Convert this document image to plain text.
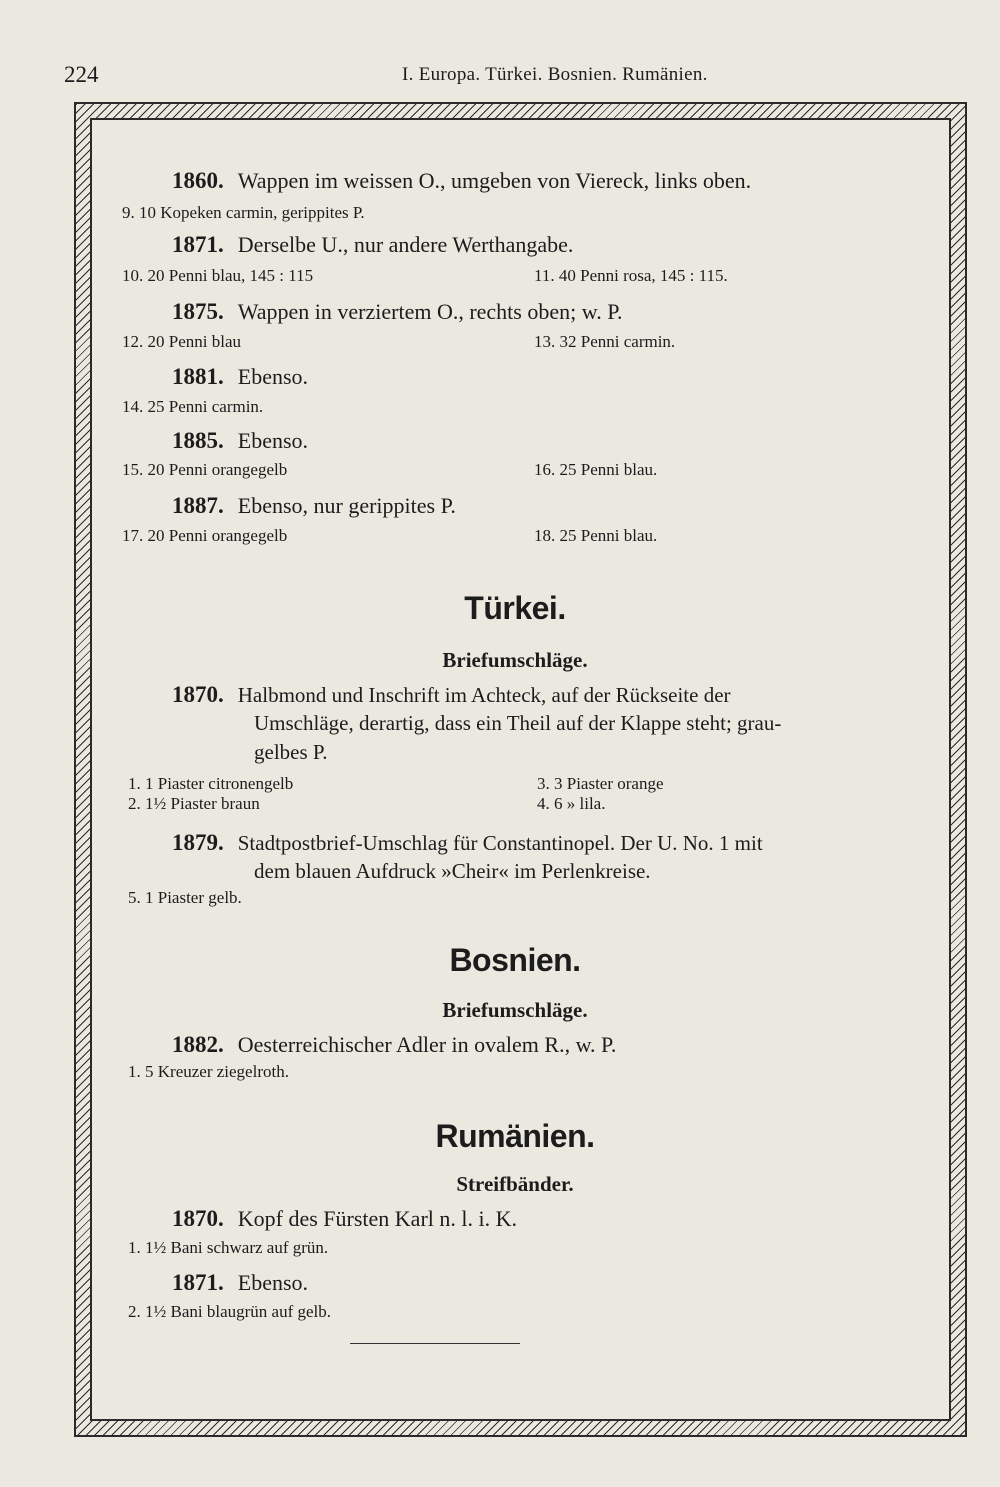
224	I. Europa. Türkei. Bosnien. Rumänien.
1860. Wappen im weissen O., umgeben von Viereck, links oben.
9. 10 Kopeken carmin, gerippites P.
1871. Derselbe U., nur andere Werthangabe.
10. 20 Penni blau, 145 : 115	11. 40 Penni rosa, 145 : 115.
1875. Wappen in verziertem O., rechts oben; w. P.
12. 20 Penni blau	13. 32 Penni carmin.
1881. Ebenso.
14. 25 Penni carmin.
1885. Ebenso.
15. 20 Penni orangegelb	16. 25 Penni blau.
1887. Ebenso, nur gerippites P.
17. 20 Penni orangegelb	18. 25 Penni blau.
Türkei.
Briefumschläge.
1870. Halbmond und Inschrift im Achteck, auf der Rückseite der
Umschläge, derartig, dass ein Theil auf der Klappe steht; grau-
gelbes P.
1. 1 Piaster citronengelb	3. 3 Piaster orange
2. 1½ Piaster braun	4. 6 » lila.
1879. Stadtpostbrief-Umschlag für Constantinopel. Der U. No. 1 mit
dem blauen Aufdruck »Cheir« im Perlenkreise.
5. 1 Piaster gelb.
Bosnien.
Briefumschläge.
1882. Oesterreichischer Adler in ovalem R., w. P.
1. 5 Kreuzer ziegelroth.
Rumänien.
Streifbänder.
1870. Kopf des Fürsten Karl n. l. i. K.
1. 1½ Bani schwarz auf grün.
1871. Ebenso.
2. 1½ Bani blaugrün auf gelb.
